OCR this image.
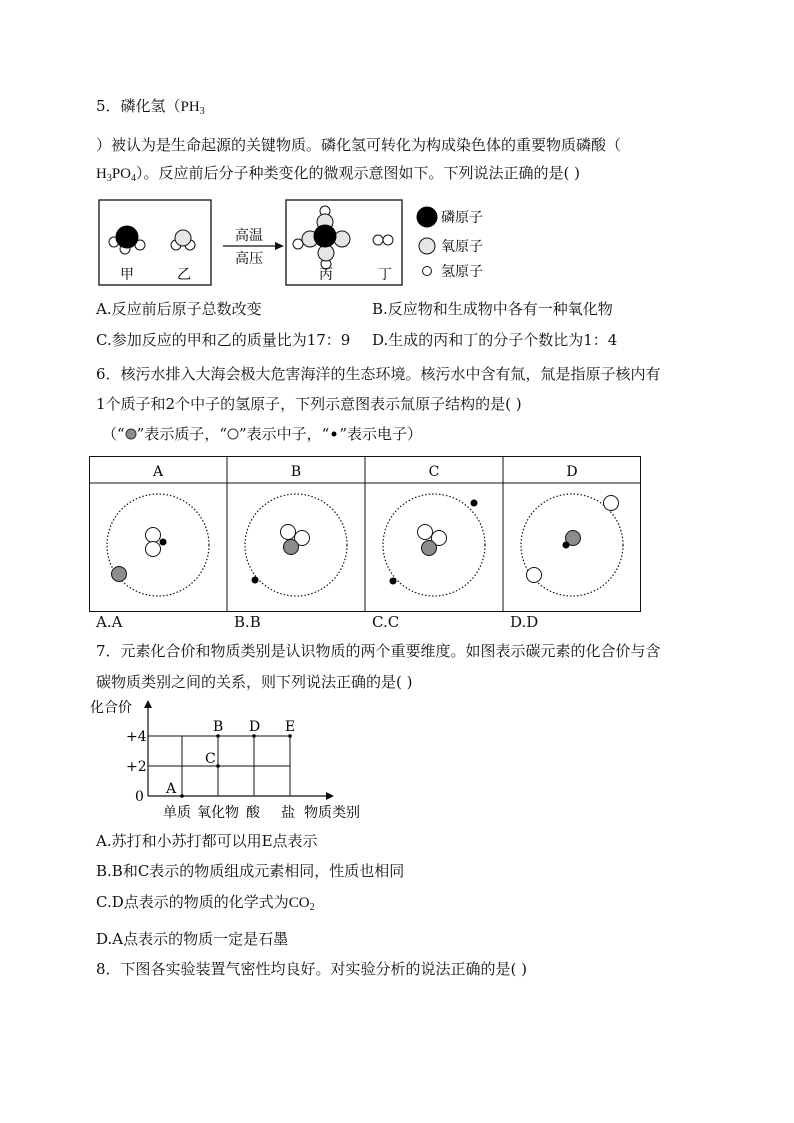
5．磷化氢（$PH_3$
）被认为是生命起源的关键物质。磷化氢可转化为构成染色体的重要物质磷酸（
$H_3PO_4$）。反应前后分子种类变化的微观示意图如下。下列说法正确的是( )
甲	乙
高温
高压
丙	丁
磷原子
氧原子
氢原子
A.反应前后原子总数改变	B.反应物和生成物中各有一种氧化物
C.参加反应的甲和乙的质量比为17：9 D.生成的丙和丁的分子个数比为1：4
6．核污水排入大海会极大危害海洋的生态环境。核污水中含有氚，氚是指原子核内有
1个质子和2个中子的氢原子，下列示意图表示氚原子结构的是( )
（“ ”表示质子，“ ”表示中子，“ ”表示电子）
A	B	C	D
A.A	B.B	C.C	D.D
7．元素化合价和物质类别是认识物质的两个重要维度。如图表示碳元素的化合价与含
碳物质类别之间的关系，则下列说法正确的是( )
化合价
物质类别
0
+2
+4
单质 氧化物 酸 盐
A
B
C
D E
A.苏打和小苏打都可以用E点表示
B.B和C表示的物质组成元素相同，性质也相同
C.D点表示的物质的化学式为$CO_2$
D.A点表示的物质一定是石墨
8．下图各实验装置气密性均良好。对实验分析的说法正确的是( )
